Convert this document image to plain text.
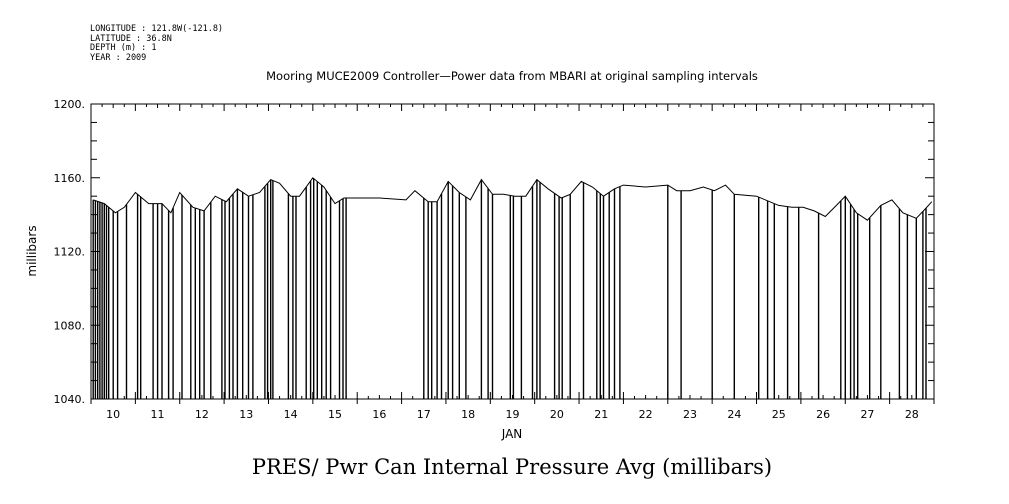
LONGITUDE : 121.8W(-121.8)
LATITUDE : 36.8N
DEPTH (m) : 1
YEAR : 2009
Mooring MUCE2009 Controller—Power data from MBARI at original sampling intervals
1040.
1080.
1120.
1160.
1200.
10	11	12	13	14	15	16	17	18	19	20	21	22	23	24	25	26	27	28
millibars
JAN
PRES/ Pwr Can Internal Pressure Avg (millibars)
